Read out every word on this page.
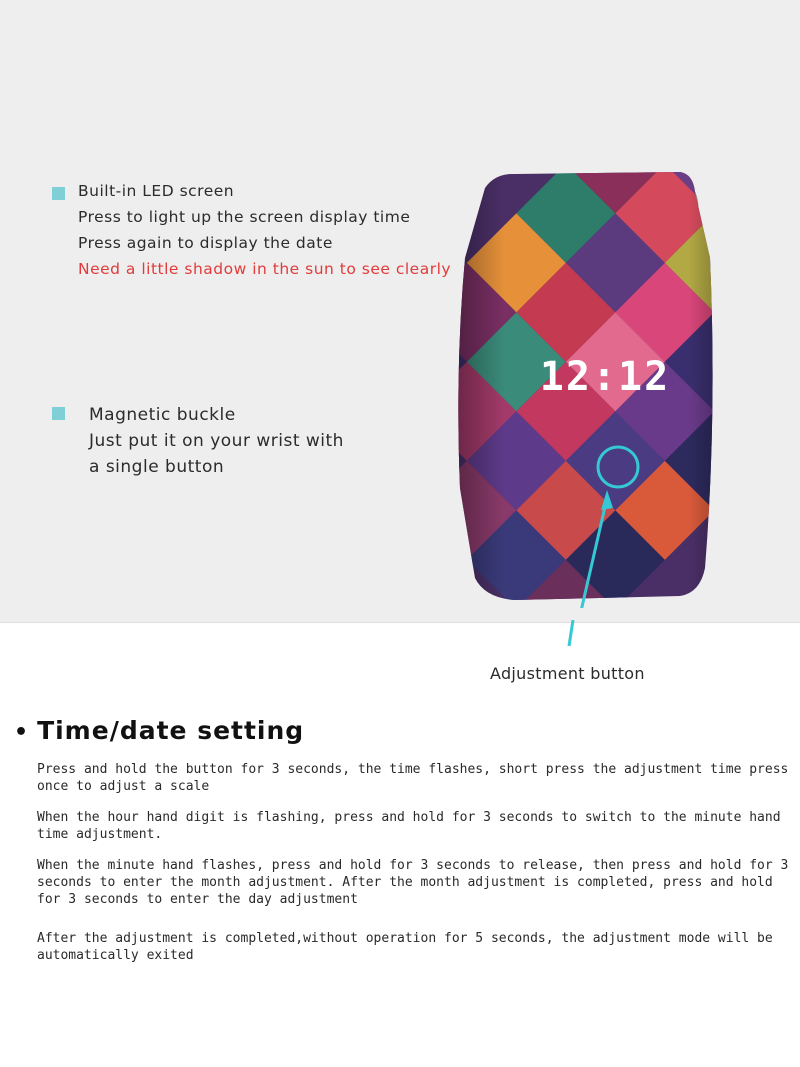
Built-in LED screen
Press to light up the screen display time
Press again to display the date
Need a little shadow in the sun to see clearly
Magnetic buckle
Just put it on your wrist with
a single button
12:12
Adjustment button
• Time/date setting
Press and hold the button for 3 seconds, the time flashes, short press the adjustment time press once to adjust a scale
When the hour hand digit is flashing, press and hold for 3 seconds to switch to the minute hand time adjustment.
When the minute hand flashes, press and hold for 3 seconds to release, then press and hold for 3 seconds to enter the month adjustment. After the month adjustment is completed, press and hold for 3 seconds to enter the day adjustment
After the adjustment is completed,without operation for 5 seconds, the adjustment mode will be automatically exited
